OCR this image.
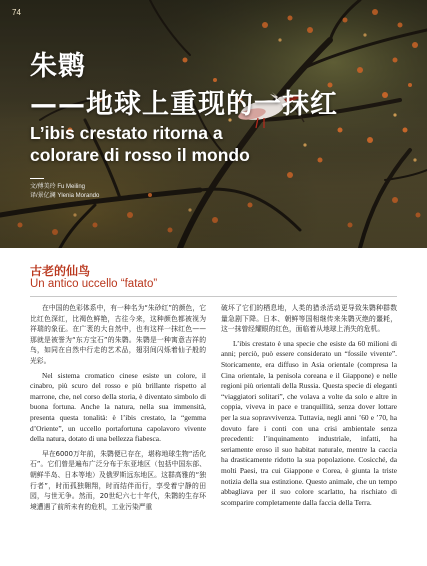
74
朱鹮
——地球上重现的一抹红
L’ibis crestato ritorna a
colorare di rosso il mondo
文/傅美玲 Fu Meiling
译/景亿澜 Ylenia Morando
古老的仙鸟
Un antico uccello “fatato”

在中国的色彩体系中，有一种名为“朱砂红”的颜色，它比红色深红，比褐色鲜艳，古往今来，这种颜色都被视为祥瑞的象征。在广袤的大自然中，也有这样一抹红色——那就是被誉为“东方宝石”的朱鹮。朱鹮是一种寓意吉祥的鸟，如同在自然中行走的艺术品，翅羽间闪烁着仙子般的光彩。

Nel sistema cromatico cinese esiste un colore, il cinabro, più scuro del rosso e più brillante rispetto al marrone, che, nel corso della storia, è diventato simbolo di buona fortuna. Anche la natura, nella sua immensità, presenta questa tonalità: è l’ibis crestato, la “gemma d’Oriente”, un uccello portafortuna capolavoro vivente della natura, dotato di una bellezza fiabesca.

早在6000万年前，朱鹮便已存在，堪称地球生物“活化石”。它们曾是遍布广泛分布于东亚地区（包括中国东部、朝鲜半岛、日本等地）及俄罗斯远东地区。这群高雅的“独行者”，时而孤独翱翔，时而结伴而行，享受着宁静的田园，与世无争。然而，20世纪六七十年代，朱鹮的生存环境遭遇了前所未有的危机，工业污染严重

破坏了它们的栖息地，人类的猎杀活动更导致朱鹮种群数量急剧下降。日本、朝鲜等国相继传来朱鹮灭绝的噩耗，这一抹曾经耀眼的红色，面临着从地球上消失的危机。

L’ibis crestato è una specie che esiste da 60 milioni di anni; perciò, può essere considerato un “fossile vivente”. Storicamente, era diffuso in Asia orientale (compresa la Cina orientale, la penisola coreana e il Giappone) e nelle regioni più orientali della Russia. Questa specie di eleganti “viaggiatori solitari”, che volava a volte da solo e altre in coppia, viveva in pace e tranquillità, senza dover lottare per la sua sopravvivenza. Tuttavia, negli anni ’60 e ’70, ha dovuto fare i conti con una crisi ambientale senza precedenti: l’inquinamento industriale, infatti, ha seriamente eroso il suo habitat naturale, mentre la caccia ha drasticamente ridotto la sua popolazione. Cosicché, da molti Paesi, tra cui Giappone e Corea, è giunta la triste notizia della sua estinzione. Questo animale, che un tempo abbagliava per il suo colore scarlatto, ha rischiato di scomparire completamente dalla faccia della Terra.
